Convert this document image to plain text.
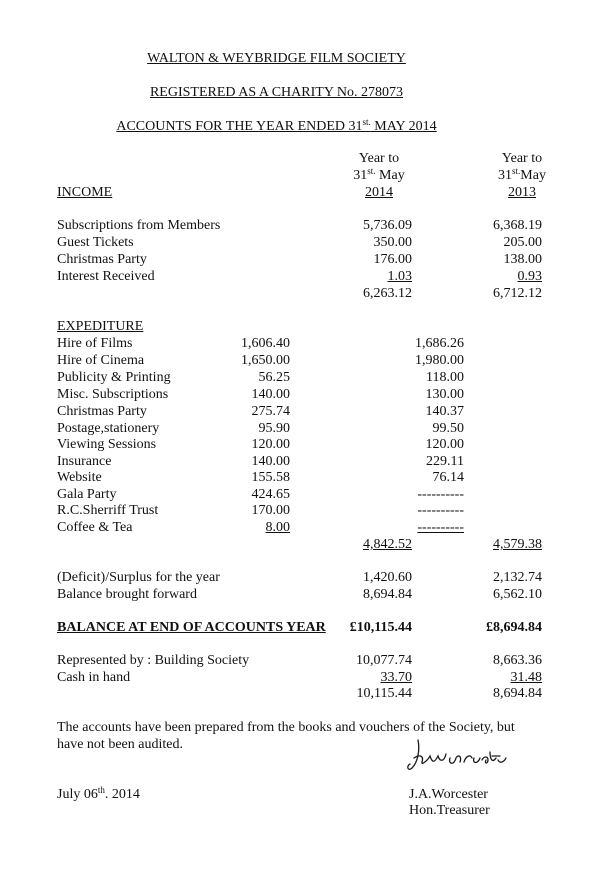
WALTON & WEYBRIDGE FILM SOCIETY
REGISTERED AS A CHARITY No. 278073
ACCOUNTS FOR THE YEAR ENDED $31^{st.}$ MAY 2014
Year to
$31^{st.}$ May
2014
Year to
$31^{st.}May$
2013
INCOME
Subscriptions from Members	5,736.09	6,368.19
Guest Tickets	350.00	205.00
Christmas Party	176.00	138.00
Interest Received	1.03	0.93
6,263.12	6,712.12
EXPEDITURE
Hire of Films	1,606.40	1,686.26
Hire of Cinema	1,650.00	1,980.00
Publicity & Printing	56.25	118.00
Misc. Subscriptions	140.00	130.00
Christmas Party	275.74	140.37
Postage,stationery	95.90	99.50
Viewing Sessions	120.00	120.00
Insurance	140.00	229.11
Website	155.58	76.14
Gala Party	424.65	----------
R.C.Sherriff Trust	170.00	----------
Coffee & Tea	8.00	----------
4,842.52	4,579.38
(Deficit)/Surplus for the year	1,420.60	2,132.74
Balance brought forward	8,694.84	6,562.10
BALANCE AT END OF ACCOUNTS YEAR	£10,115.44	£8,694.84
Represented by : Building Society	10,077.74	8,663.36
Cash in hand	33.70	31.48
10,115.44	8,694.84
The accounts have been prepared from the books and vouchers of the Society, but
have not been audited.
July 06th. 2014	J.A.Worcester
Hon.Treasurer
